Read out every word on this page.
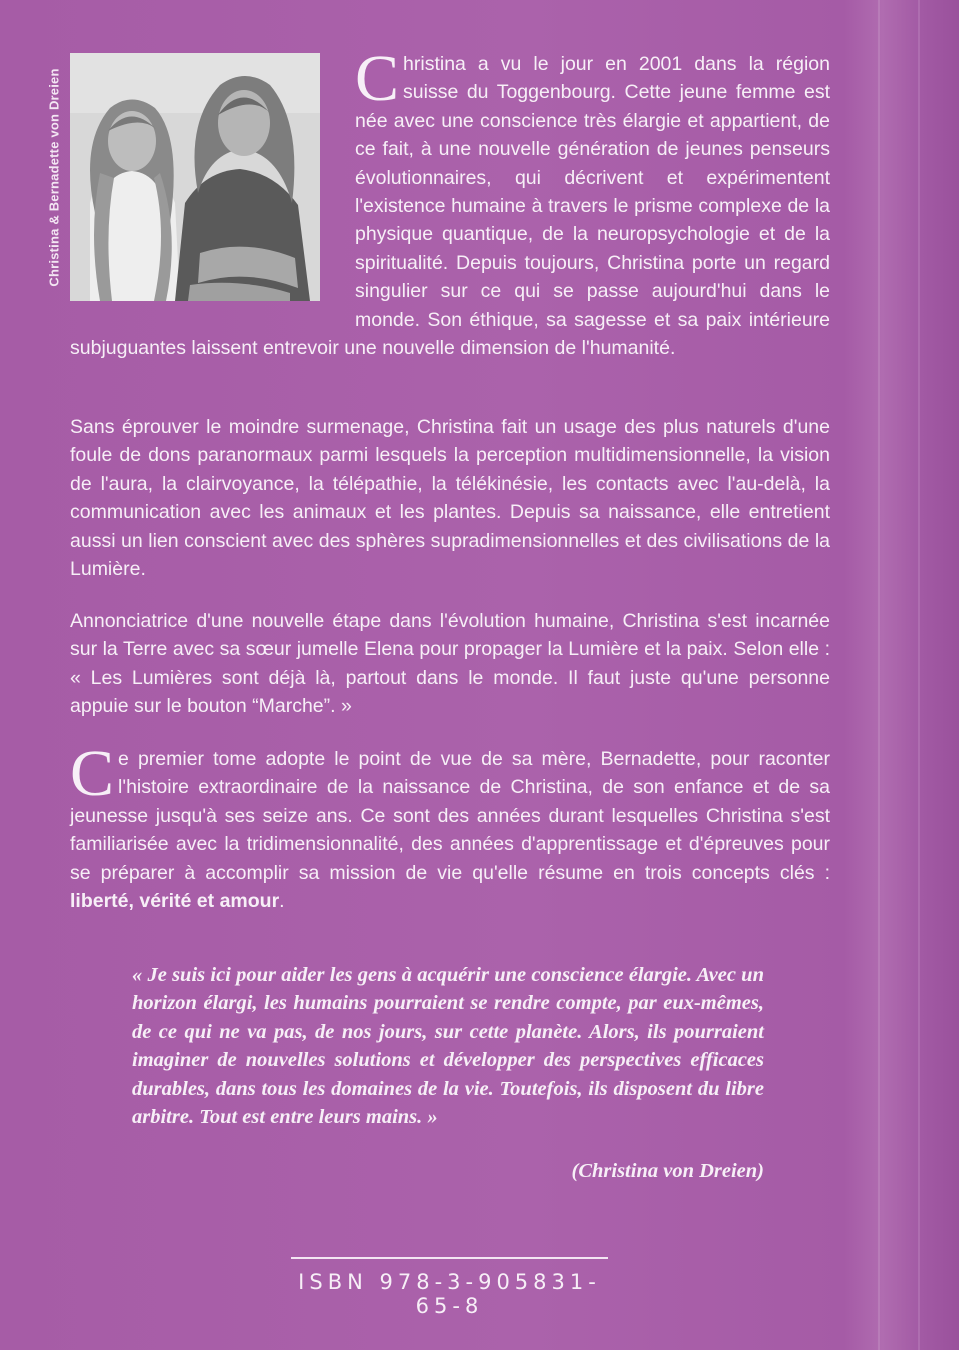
Christina & Bernadette von Dreien	Christina a vu le jour en 2001 dans la région suisse du Toggenbourg. Cette jeune femme est née avec une conscience très élargie et appartient, de ce fait, à une nouvelle génération de jeunes penseurs évolutionnaires, qui décrivent et expérimentent l'existence humaine à travers le prisme complexe de la physique quantique, de la neuropsychologie et de la spiritualité. Depuis toujours, Christina porte un regard singulier sur ce qui se passe aujourd'hui dans le monde. Son éthique, sa sagesse et sa paix intérieure subjuguantes laissent entrevoir une nouvelle dimension de l'humanité.
Sans éprouver le moindre surmenage, Christina fait un usage des plus naturels d'une foule de dons paranormaux parmi lesquels la perception multidimensionnelle, la vision de l'aura, la clairvoyance, la télépathie, la télékinésie, les contacts avec l'au-delà, la communication avec les animaux et les plantes. Depuis sa naissance, elle entretient aussi un lien conscient avec des sphères supradimensionnelles et des civilisations de la Lumière.
Annonciatrice d'une nouvelle étape dans l'évolution humaine, Christina s'est incarnée sur la Terre avec sa sœur jumelle Elena pour propager la Lumière et la paix. Selon elle : « Les Lumières sont déjà là, partout dans le monde. Il faut juste qu'une personne appuie sur le bouton “Marche”. »
Ce premier tome adopte le point de vue de sa mère, Bernadette, pour raconter l'histoire extraordinaire de la naissance de Christina, de son enfance et de sa jeunesse jusqu'à ses seize ans. Ce sont des années durant lesquelles Christina s'est familiarisée avec la tridimensionnalité, des années d'apprentissage et d'épreuves pour se préparer à accomplir sa mission de vie qu'elle résume en trois concepts clés : liberté, vérité et amour.
« Je suis ici pour aider les gens à acquérir une conscience élargie. Avec un horizon élargi, les humains pourraient se rendre compte, par eux-mêmes, de ce qui ne va pas, de nos jours, sur cette planète. Alors, ils pourraient imaginer de nouvelles solutions et développer des perspectives efficaces durables, dans tous les domaines de la vie. Toutefois, ils disposent du libre arbitre. Tout est entre leurs mains. »
(Christina von Dreien)
ISBN 978-3-905831-65-8
